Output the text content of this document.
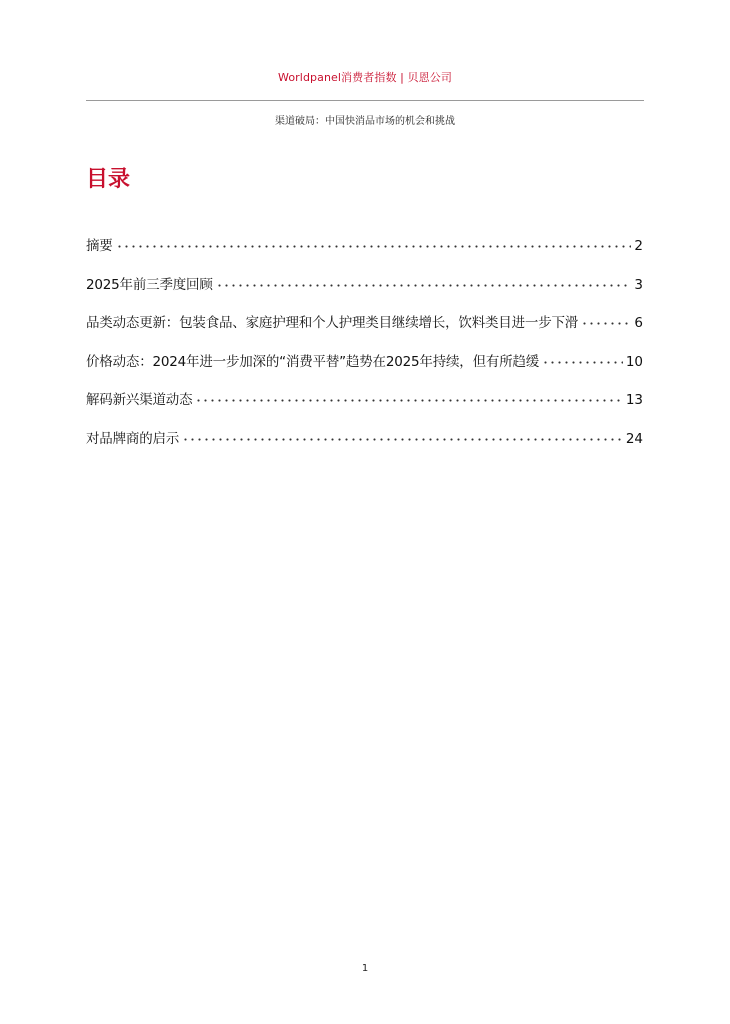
Worldpanel消费者指数 | 贝恩公司
渠道破局：中国快消品市场的机会和挑战
目录
摘要	2
2025年前三季度回顾	3
品类动态更新：包装食品、家庭护理和个人护理类目继续增长，饮料类目进一步下滑	6
价格动态：2024年进一步加深的“消费平替”趋势在2025年持续，但有所趋缓	10
解码新兴渠道动态	13
对品牌商的启示	24
1
